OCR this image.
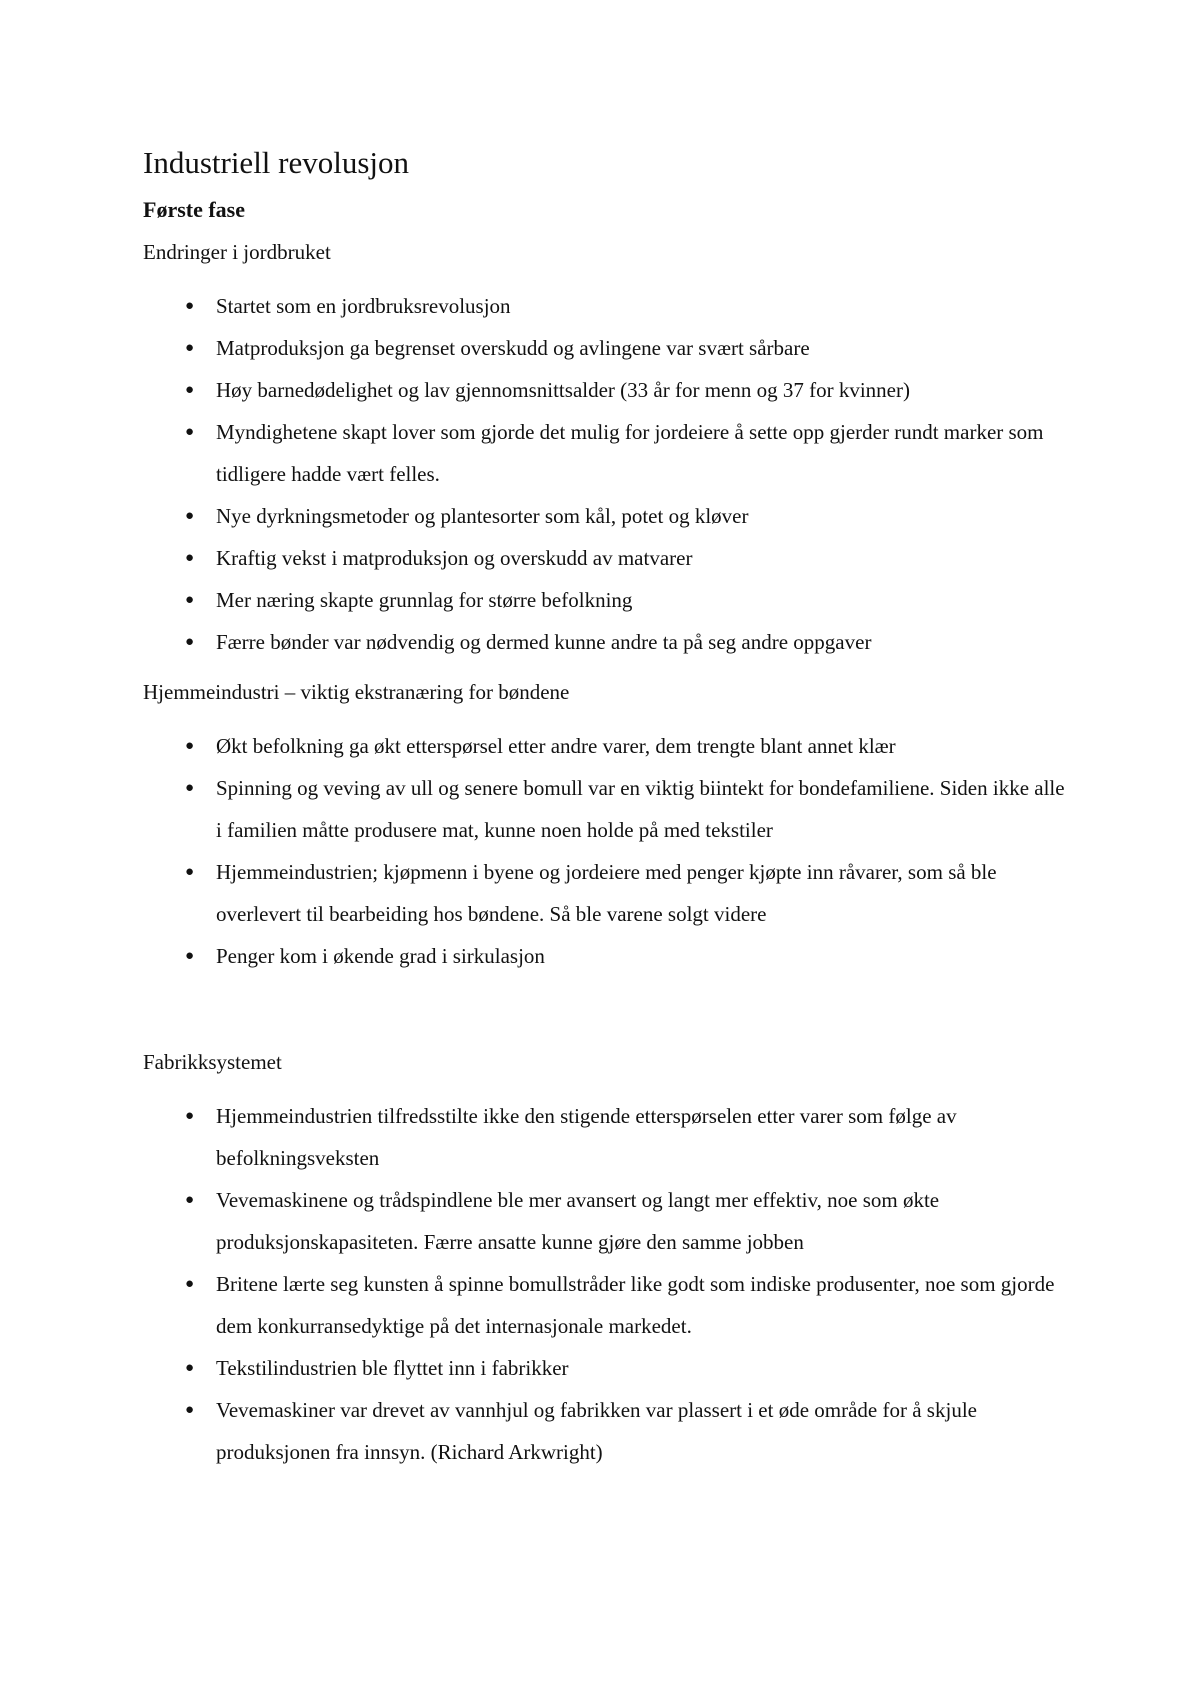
Industriell revolusjon
Første fase

Endringer i jordbruket

● Startet som en jordbruksrevolusjon
● Matproduksjon ga begrenset overskudd og avlingene var svært sårbare
● Høy barnedødelighet og lav gjennomsnittsalder (33 år for menn og 37 for kvinner)
● Myndighetene skapt lover som gjorde det mulig for jordeiere å sette opp gjerder rundt marker som tidligere hadde vært felles.
● Nye dyrkningsmetoder og plantesorter som kål, potet og kløver
● Kraftig vekst i matproduksjon og overskudd av matvarer
● Mer næring skapte grunnlag for større befolkning
● Færre bønder var nødvendig og dermed kunne andre ta på seg andre oppgaver

Hjemmeindustri – viktig ekstranæring for bøndene

● Økt befolkning ga økt etterspørsel etter andre varer, dem trengte blant annet klær
● Spinning og veving av ull og senere bomull var en viktig biintekt for bondefamiliene. Siden ikke alle i familien måtte produsere mat, kunne noen holde på med tekstiler
● Hjemmeindustrien; kjøpmenn i byene og jordeiere med penger kjøpte inn råvarer, som så ble overlevert til bearbeiding hos bøndene. Så ble varene solgt videre
● Penger kom i økende grad i sirkulasjon

Fabrikksystemet

● Hjemmeindustrien tilfredsstilte ikke den stigende etterspørselen etter varer som følge av befolkningsveksten
● Vevemaskinene og trådspindlene ble mer avansert og langt mer effektiv, noe som økte produksjonskapasiteten. Færre ansatte kunne gjøre den samme jobben
● Britene lærte seg kunsten å spinne bomullstråder like godt som indiske produsenter, noe som gjorde dem konkurransedyktige på det internasjonale markedet.
● Tekstilindustrien ble flyttet inn i fabrikker
● Vevemaskiner var drevet av vannhjul og fabrikken var plassert i et øde område for å skjule produksjonen fra innsyn. (Richard Arkwright)
